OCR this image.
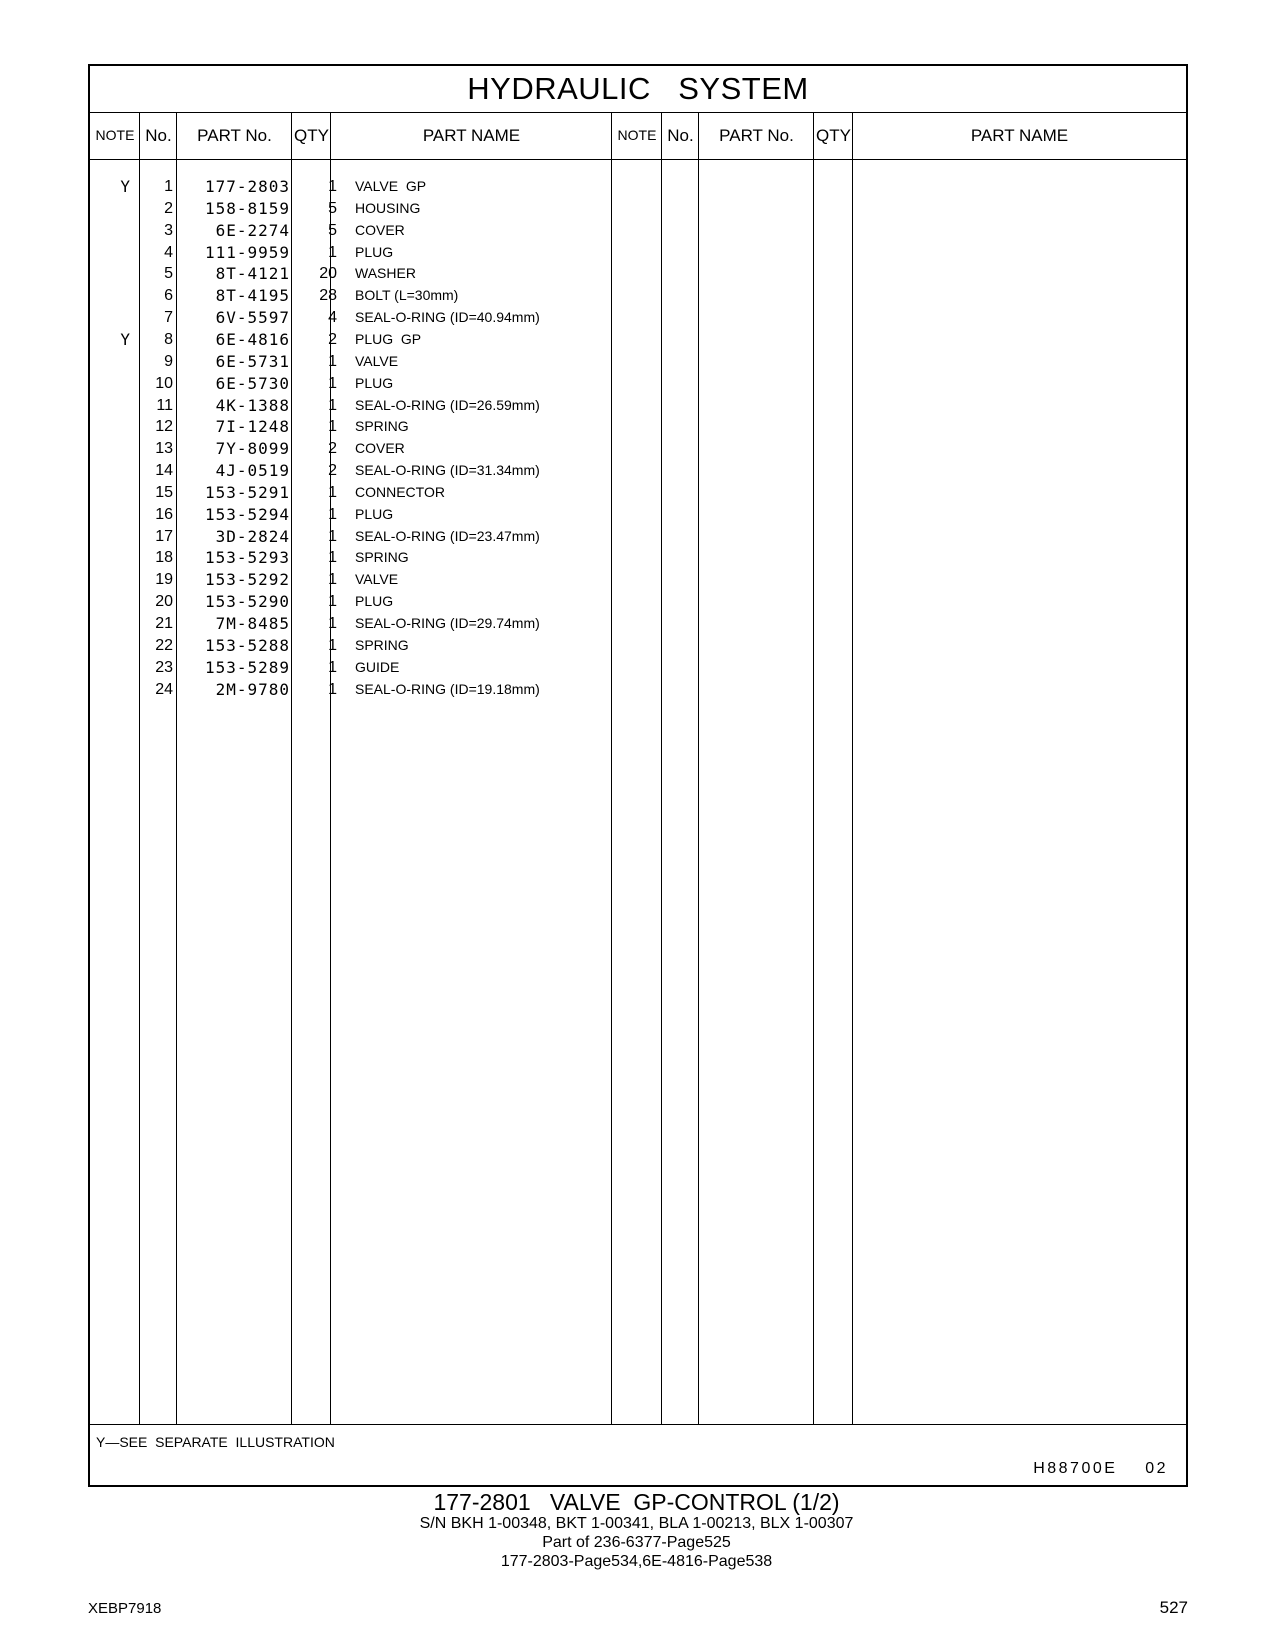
HYDRAULIC   SYSTEM
NOTE No.	PART No.	QTY	PART NAME	NOTE No.	PART No.	QTY	PART NAME
Y	1	177-2803	1 VALVE  GP
2	158-8159	5 HOUSING
3	6E-2274	5 COVER
4	111-9959	1 PLUG
5	8T-4121	20 WASHER
6	8T-4195	28 BOLT (L=30mm)
7	6V-5597	4 SEAL-O-RING (ID=40.94mm)
Y	8	6E-4816	2 PLUG  GP
9	6E-5731	1 VALVE
10	6E-5730	1 PLUG
11	4K-1388	1 SEAL-O-RING (ID=26.59mm)
12	7I-1248	1 SPRING
13	7Y-8099	2 COVER
14	4J-0519	2 SEAL-O-RING (ID=31.34mm)
15	153-5291	1 CONNECTOR
16	153-5294	1 PLUG
17	3D-2824	1 SEAL-O-RING (ID=23.47mm)
18	153-5293	1 SPRING
19	153-5292	1 VALVE
20	153-5290	1 PLUG
21	7M-8485	1 SEAL-O-RING (ID=29.74mm)
22	153-5288	1 SPRING
23	153-5289	1 GUIDE
24	2M-9780	1 SEAL-O-RING (ID=19.18mm)
Y—SEE  SEPARATE  ILLUSTRATION
H88700E    02
177-2801   VALVE  GP-CONTROL (1/2)
S/N BKH 1-00348, BKT 1-00341, BLA 1-00213, BLX 1-00307
Part of 236-6377-Page525
177-2803-Page534,6E-4816-Page538
XEBP7918	527
